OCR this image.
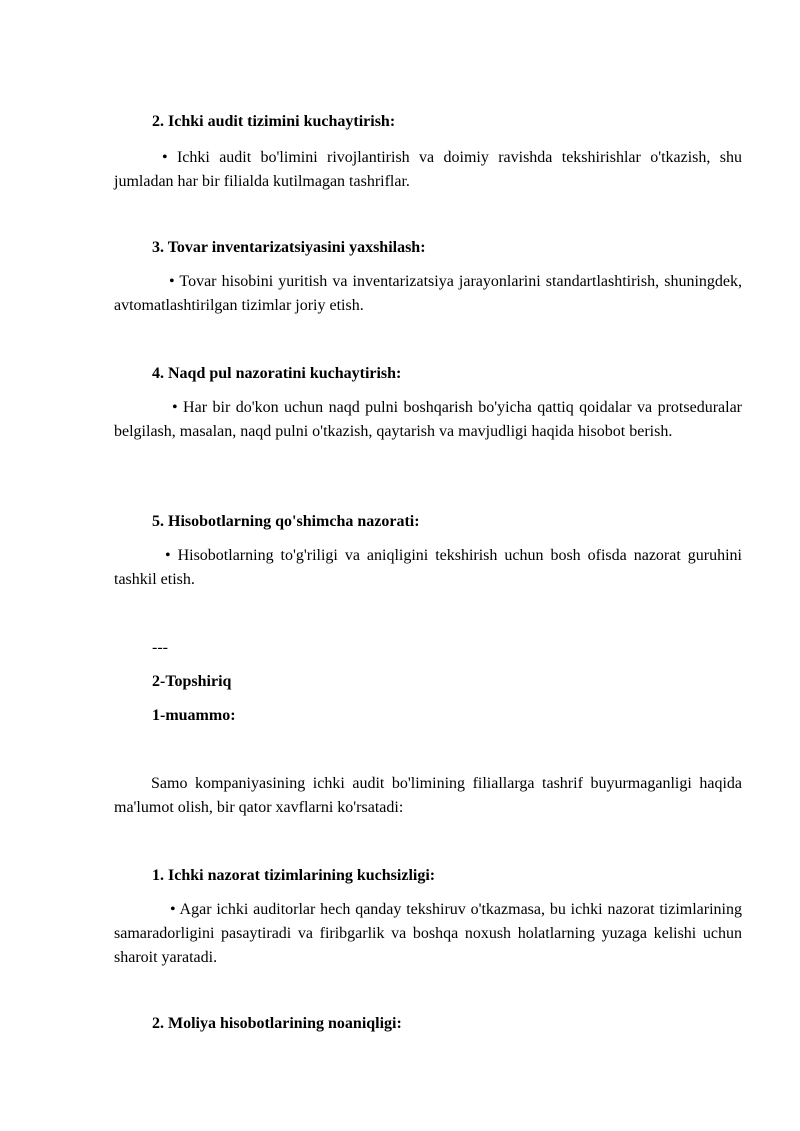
2. Ichki audit tizimini kuchaytirish:
• Ichki audit bo'limini rivojlantirish va doimiy ravishda tekshirishlar o'tkazish, shu jumladan har bir filialda kutilmagan tashriflar.
3. Tovar inventarizatsiyasini yaxshilash:
• Tovar hisobini yuritish va inventarizatsiya jarayonlarini standartlashtirish, shuningdek, avtomatlashtirilgan tizimlar joriy etish.
4. Naqd pul nazoratini kuchaytirish:
• Har bir do'kon uchun naqd pulni boshqarish bo'yicha qattiq qoidalar va protseduralar belgilash, masalan, naqd pulni o'tkazish, qaytarish va mavjudligi haqida hisobot berish.
5. Hisobotlarning qo'shimcha nazorati:
• Hisobotlarning to'g'riligi va aniqligini tekshirish uchun bosh ofisda nazorat guruhini tashkil etish.
---
2-Topshiriq
1-muammo:
Samo kompaniyasining ichki audit bo'limining filiallarga tashrif buyurmaganligi haqida ma'lumot olish, bir qator xavflarni ko'rsatadi:
1. Ichki nazorat tizimlarining kuchsizligi:
• Agar ichki auditorlar hech qanday tekshiruv o'tkazmasa, bu ichki nazorat tizimlarining samaradorligini pasaytiradi va firibgarlik va boshqa noxush holatlarning yuzaga kelishi uchun sharoit yaratadi.
2. Moliya hisobotlarining noaniqligi:
